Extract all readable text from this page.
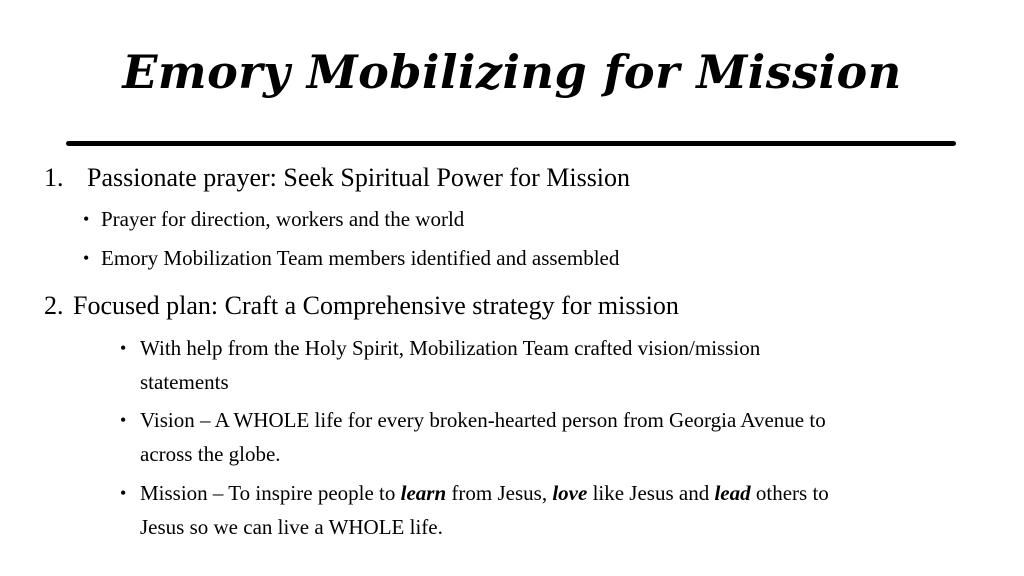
Emory Mobilizing for Mission
1. Passionate prayer: Seek Spiritual Power for Mission
• Prayer for direction, workers and the world
• Emory Mobilization Team members identified and assembled
2. Focused plan: Craft a Comprehensive strategy for mission
• With help from the Holy Spirit, Mobilization Team crafted vision/mission
statements
• Vision – A WHOLE life for every broken-hearted person from Georgia Avenue to
across the globe.
• Mission – To inspire people to learn from Jesus, love like Jesus and lead others to
Jesus so we can live a WHOLE life.
